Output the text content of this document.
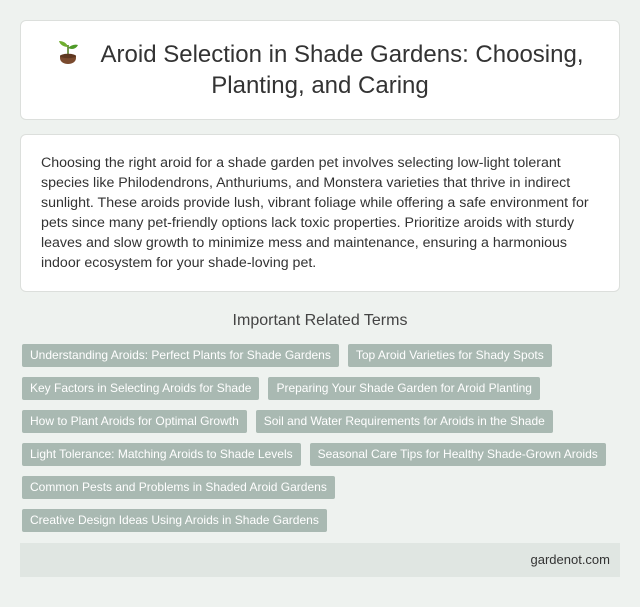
Aroid Selection in Shade Gardens: Choosing, Planting, and Caring

Choosing the right aroid for a shade garden pet involves selecting low-light tolerant species like Philodendrons, Anthuriums, and Monstera varieties that thrive in indirect sunlight. These aroids provide lush, vibrant foliage while offering a safe environment for pets since many pet-friendly options lack toxic properties. Prioritize aroids with sturdy leaves and slow growth to minimize mess and maintenance, ensuring a harmonious indoor ecosystem for your shade-loving pet.

Important Related Terms
Understanding Aroids: Perfect Plants for Shade Gardens	Top Aroid Varieties for Shady Spots
Key Factors in Selecting Aroids for Shade	Preparing Your Shade Garden for Aroid Planting
How to Plant Aroids for Optimal Growth	Soil and Water Requirements for Aroids in the Shade
Light Tolerance: Matching Aroids to Shade Levels	Seasonal Care Tips for Healthy Shade-Grown Aroids
Common Pests and Problems in Shaded Aroid Gardens
Creative Design Ideas Using Aroids in Shade Gardens
gardenot.com
